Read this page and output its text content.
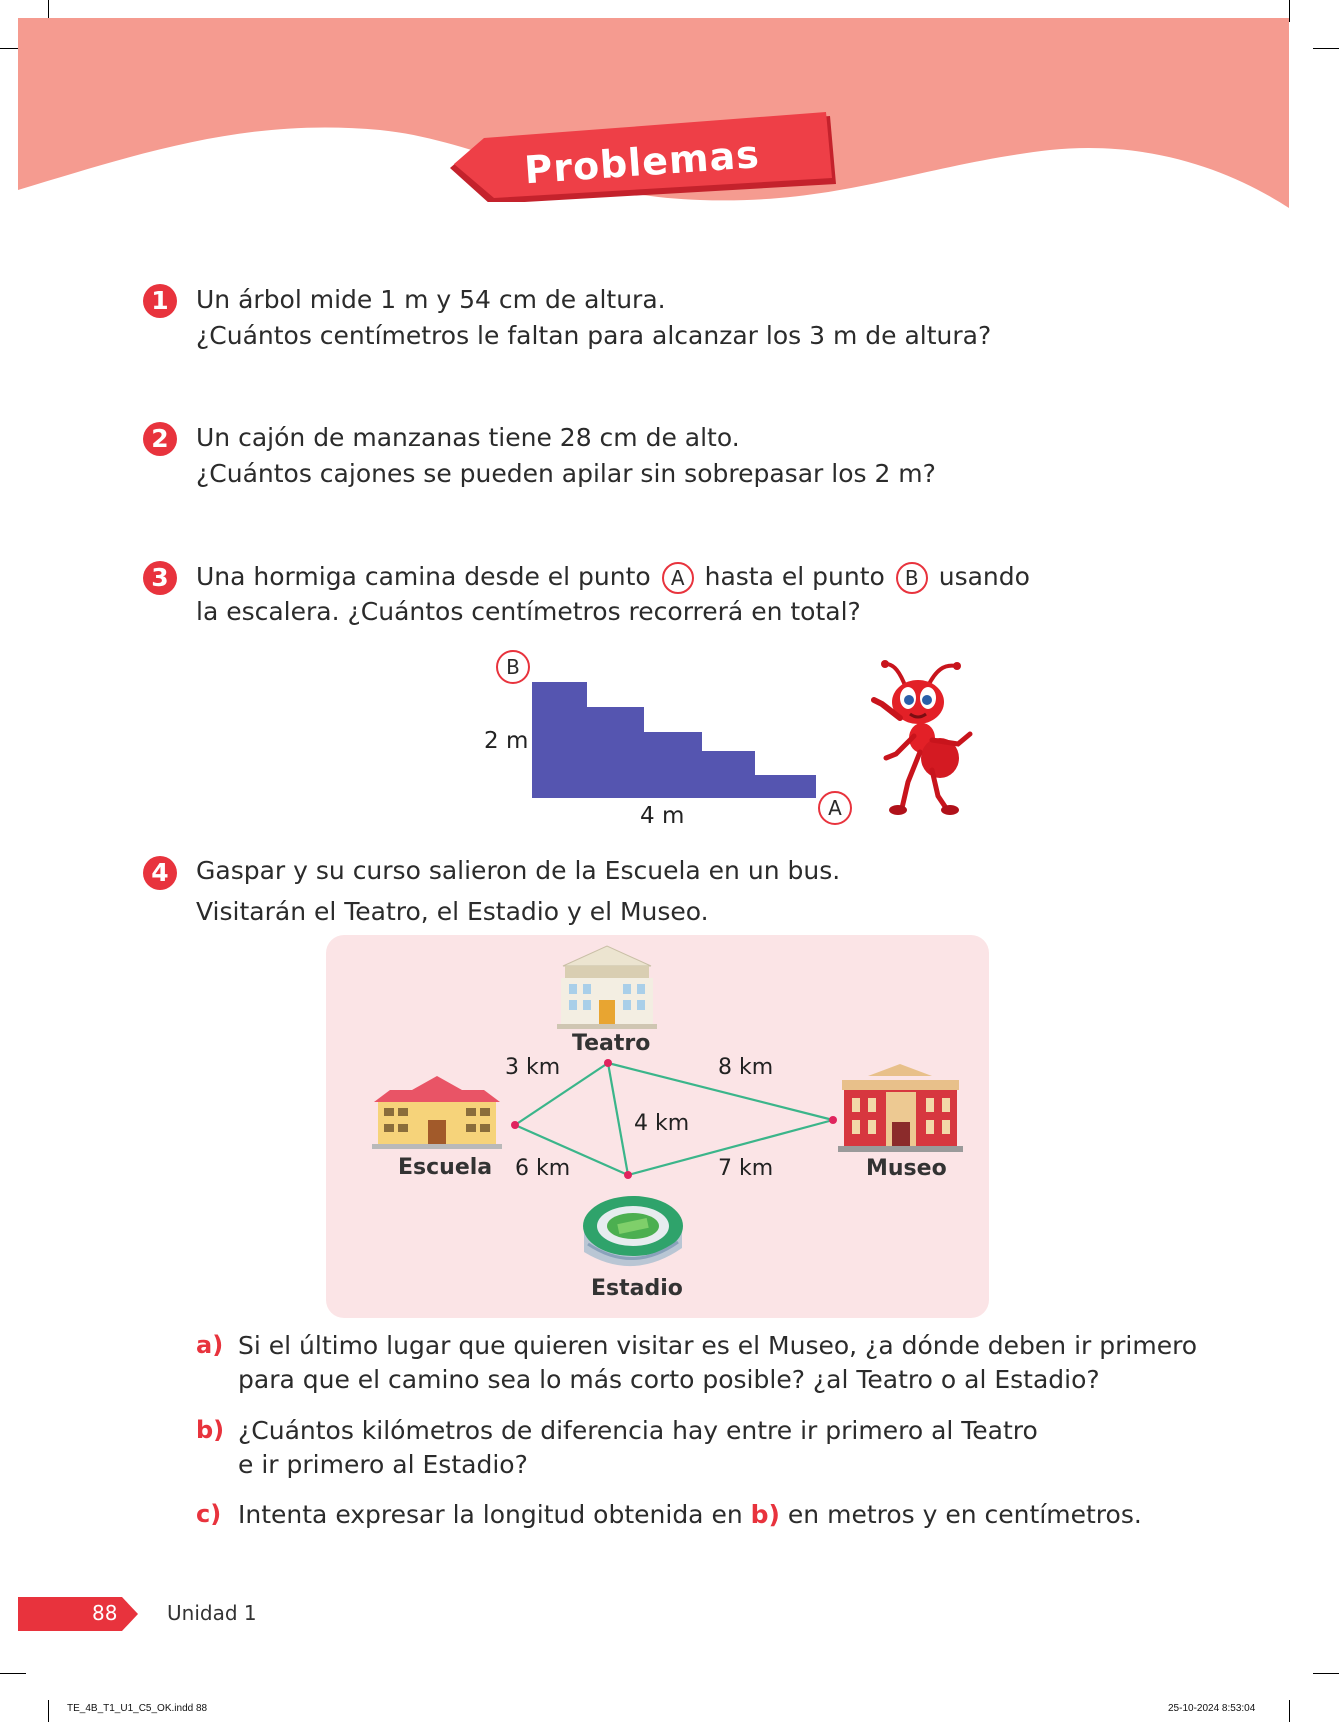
Problemas
1	Un árbol mide 1 m y 54 cm de altura.
¿Cuántos centímetros le faltan para alcanzar los 3 m de altura?
2	Un cajón de manzanas tiene 28 cm de alto.
¿Cuántos cajones se pueden apilar sin sobrepasar los 2 m?
3	Una hormiga camina desde el punto A hasta el punto B usando
la escalera. ¿Cuántos centímetros recorrerá en total?
B
A
2 m
4 m
4	Gaspar y su curso salieron de la Escuela en un bus.
Visitarán el Teatro, el Estadio y el Museo.
Teatro
Escuela	Museo
Estadio
3 km	8 km
4 km
6 km	7 km
a) Si el último lugar que quieren visitar es el Museo, ¿a dónde deben ir primero
para que el camino sea lo más corto posible? ¿al Teatro o al Estadio?
b) ¿Cuántos kilómetros de diferencia hay entre ir primero al Teatro
e ir primero al Estadio?
c) Intenta expresar la longitud obtenida en b) en metros y en centímetros.
88	Unidad 1
TE_4B_T1_U1_C5_OK.indd 88	25-10-2024 8:53:04
